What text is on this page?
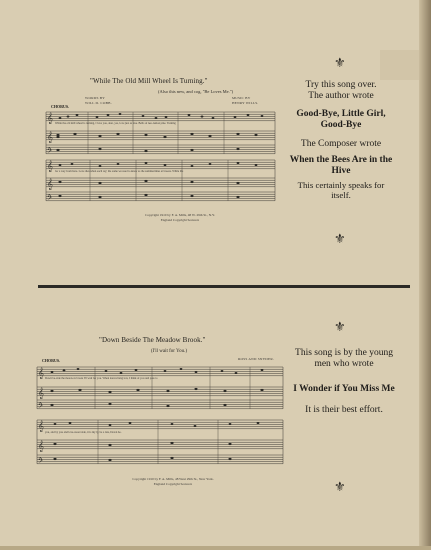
"While The Old Mill Wheel Is Turning."
(Also this new, and cog, "Be Loves Me.")
WORDS BY
WILL D. COBB.
MUSIC BY
HENRY WILLS.
CHORUS.
𝄞
𝄞
𝄢
𝄞
𝄞
𝄢
While the old mill wheel is turning, I love you, dear, yes, love just as true. Bells of neo-nation pine. Turning
for a way from here. Love dies when each ray; the same we used to know as the summertimes at breeze. While the
Copyright 1910 by F. A. Mills, 48 W. 29th St., N.Y.
England Copyright Secured.
⚜

Try this song over.

The author wrote

Good-Bye, Little Girl, Good-Bye

The Composer wrote

When the Bees Are in the Hive

This certainly speaks for itself.

⚜
⚜
"Down Beside The Meadow Brook."
(I'll wait for You.)
ROSS AND SNYDER.
CHORUS.
𝄞
𝄞
𝄢
𝄞
𝄞
𝄢
Down be-side the mead-ow brook I'll wait for you. When leaves hang low, I think of you and pass to
you, and by you and love-sweet side, it is my ly, be a late, Down be-
Copyright 1910 by F. A. Mills, 48 West 29th St., New York.
England Copyright Secured.

This song is by the young men who wrote

I Wonder if You Miss Me

It is their best effort.

⚜
